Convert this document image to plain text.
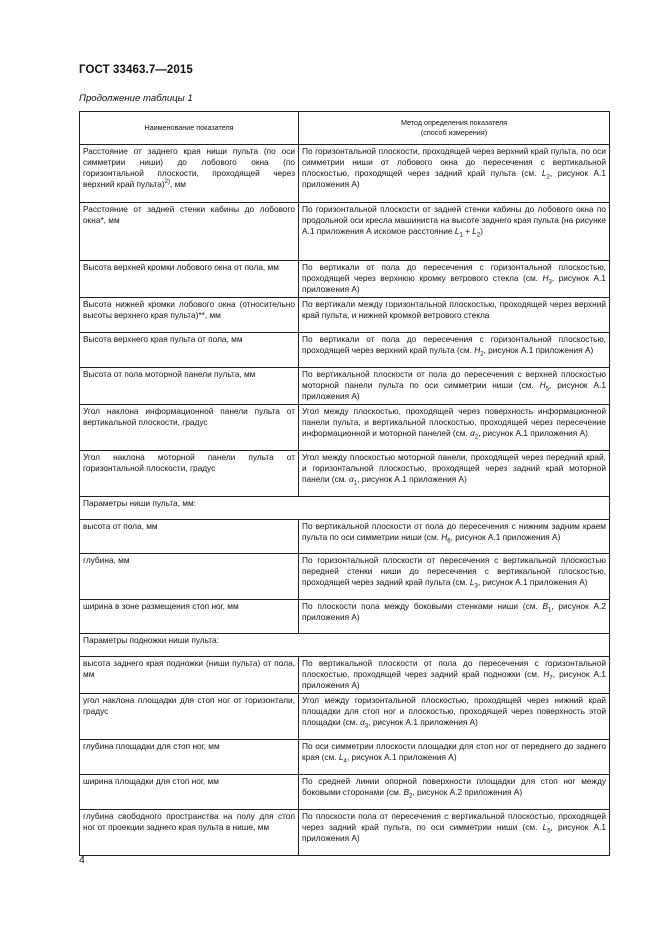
ГОСТ 33463.7—2015
Продолжение таблицы 1
Наименование показателя	Метод определения показателя
(способ измерения)

Расстояние от заднего края ниши пульта (по оси симметрии ниши) до лобового окна (по горизонтальной плоскости, проходящей через верхний край пульта)$^{2)}$, мм	По горизонтальной плоскости, проходящей через верхний край пульта, по оси симметрии ниши от лобового окна до пересечения с вертикальной плоскостью, проходящей через задний край пульта (см. $L_2$, рисунок А.1 приложения А)
Расстояние от задней стенки кабины до лобового окна*, мм	По горизонтальной плоскости от задней стенки кабины до лобового окна по продольной оси кресла машиниста на высоте заднего края пульта (на рисунке А.1 приложения А искомое расстояние $L_1 + L_2$)
Высота верхней кромки лобового окна от пола, мм	По вертикали от пола до пересечения с горизонтальной плоскостью, проходящей через верхнюю кромку ветрового стекла (см. $H_3$, рисунок А.1 приложения А)
Высота нижней кромки лобового окна (относительно высоты верхнего края пульта)**, мм	По вертикали между горизонтальной плоскостью, проходящей через верхний край пульта, и нижней кромкой ветрового стекла
Высота верхнего края пульта от пола, мм	По вертикали от пола до пересечения с горизонтальной плоскостью, проходящей через верхний край пульта (см. $H_2$, рисунок А.1 приложения А)
Высота от пола моторной панели пульта, мм	По вертикальной плоскости от пола до пересечения с верхней плоскостью моторной панели пульта по оси симметрии ниши (см. $H_5$, рисунок А.1 приложения А)
Угол наклона информационной панели пульта от вертикальной плоскости, градус	Угол между плоскостью, проходящей через поверхность информационной панели пульта, и вертикальной плоскостью, проходящей через пересечение информационной и моторной панелей (см. $\alpha_2$, рисунок А.1 приложения А)
Угол наклона моторной панели пульта от горизонтальной плоскости, градус	Угол между плоскостью моторной панели, проходящей через передний край, и горизонтальной плоскостью, проходящей через задний край моторной панели (см. $\alpha_1$, рисунок А.1 приложения А)
Параметры ниши пульта, мм:	
высота от пола, мм	По вертикальной плоскости от пола до пересечения с нижним задним краем пульта по оси симметрии ниши (см. $H_6$, рисунок А.1 приложения А)
глубина, мм	По горизонтальной плоскости от пересечения с вертикальной плоскостью передней стенки ниши до пересечения с вертикальной плоскостью, проходящей через задний край пульта (см. $L_3$, рисунок А.1 приложения А)
ширина в зоне размещения стоп ног, мм	По плоскости пола между боковыми стенками ниши (см. $B_1$, рисунок А.2 приложения А)
Параметры подножки ниши пульта:	
высота заднего края подножки (ниши пульта) от пола, мм	По вертикальной плоскости от пола до пересечения с горизонтальной плоскостью, проходящей через задний край подножки (см. $H_7$, рисунок А.1 приложения А)
угол наклона площадки для стоп ног от горизонтали, градус	Угол между горизонтальной плоскостью, проходящей через нижний край площадки для стоп ног и плоскостью, проходящей через поверхность этой площадки (см. $\alpha_3$, рисунок А.1 приложения А)
глубина площадки для стоп ног, мм	По оси симметрии плоскости площадки для стоп ног от переднего до заднего края (см. $L_4$, рисунок А.1 приложения А)
ширина площадки для стоп ног, мм	По средней линии опорной поверхности площадки для стоп ног между боковыми сторонами (см. $B_2$, рисунок А.2 приложения А)
глубина свободного пространства на полу для стоп ног от проекции заднего края пульта в нише, мм	По плоскости пола от пересечения с вертикальной плоскостью, проходящей через задний край пульта, по оси симметрии ниши (см. $L_5$, рисунок А.1 приложения А)
4
